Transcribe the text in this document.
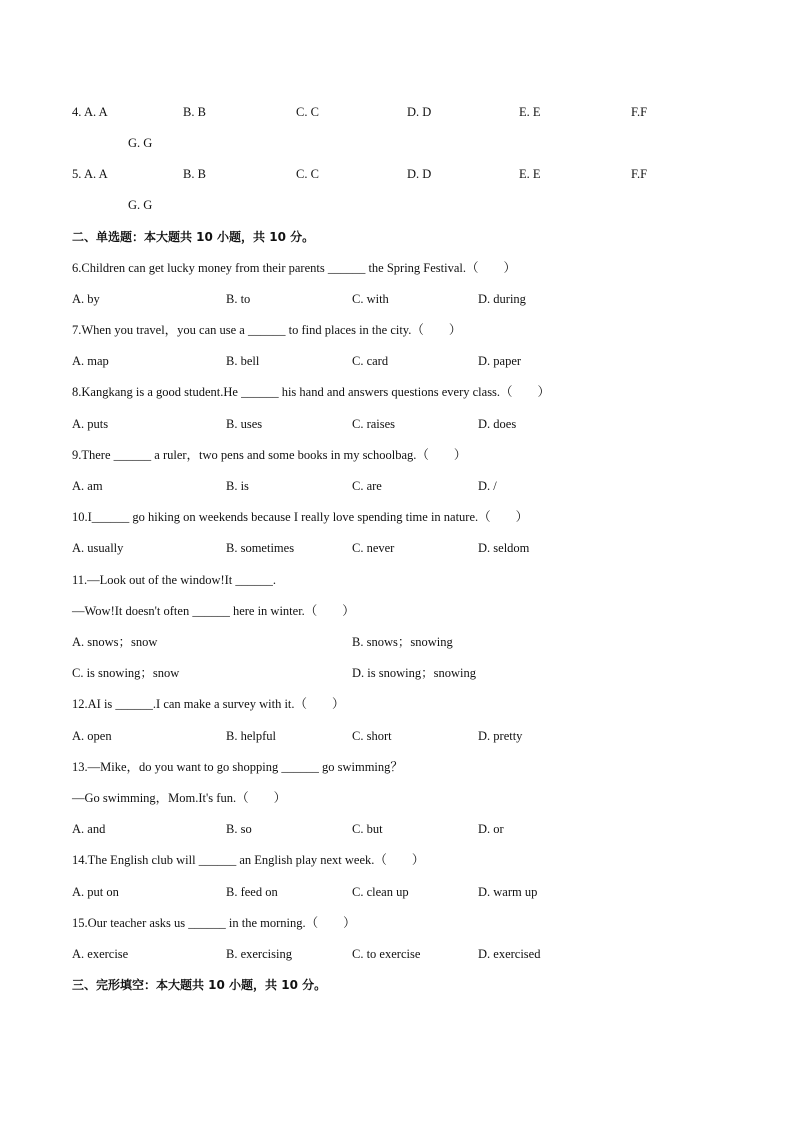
4. A. A	B. B	C. C	D. D	E. E	F.F
G. G
5. A. A	B. B	C. C	D. D	E. E	F.F
G. G
二、单选题：本大题共 10 小题，共 10 分。
6.Children can get lucky money from their parents ______ the Spring Festival.（　　）
A. by	B. to	C. with	D. during
7.When you travel，you can use a ______ to find places in the city.（　　）
A. map	B. bell	C. card	D. paper
8.Kangkang is a good student.He ______ his hand and answers questions every class.（　　）
A. puts	B. uses	C. raises	D. does
9.There ______ a ruler，two pens and some books in my schoolbag.（　　）
A. am	B. is	C. are	D. /
10.I______ go hiking on weekends because I really love spending time in nature.（　　）
A. usually	B. sometimes	C. never	D. seldom
11.—Look out of the window!It ______.
—Wow!It doesn't often ______ here in winter.（　　）
A. snows；snow	B. snows；snowing
C. is snowing；snow	D. is snowing；snowing
12.AI is ______.I can make a survey with it.（　　）
A. open	B. helpful	C. short	D. pretty
13.—Mike，do you want to go shopping ______ go swimming？
—Go swimming，Mom.It's fun.（　　）
A. and	B. so	C. but	D. or
14.The English club will ______ an English play next week.（　　）
A. put on	B. feed on	C. clean up	D. warm up
15.Our teacher asks us ______ in the morning.（　　）
A. exercise	B. exercising	C. to exercise	D. exercised
三、完形填空：本大题共 10 小题，共 10 分。
